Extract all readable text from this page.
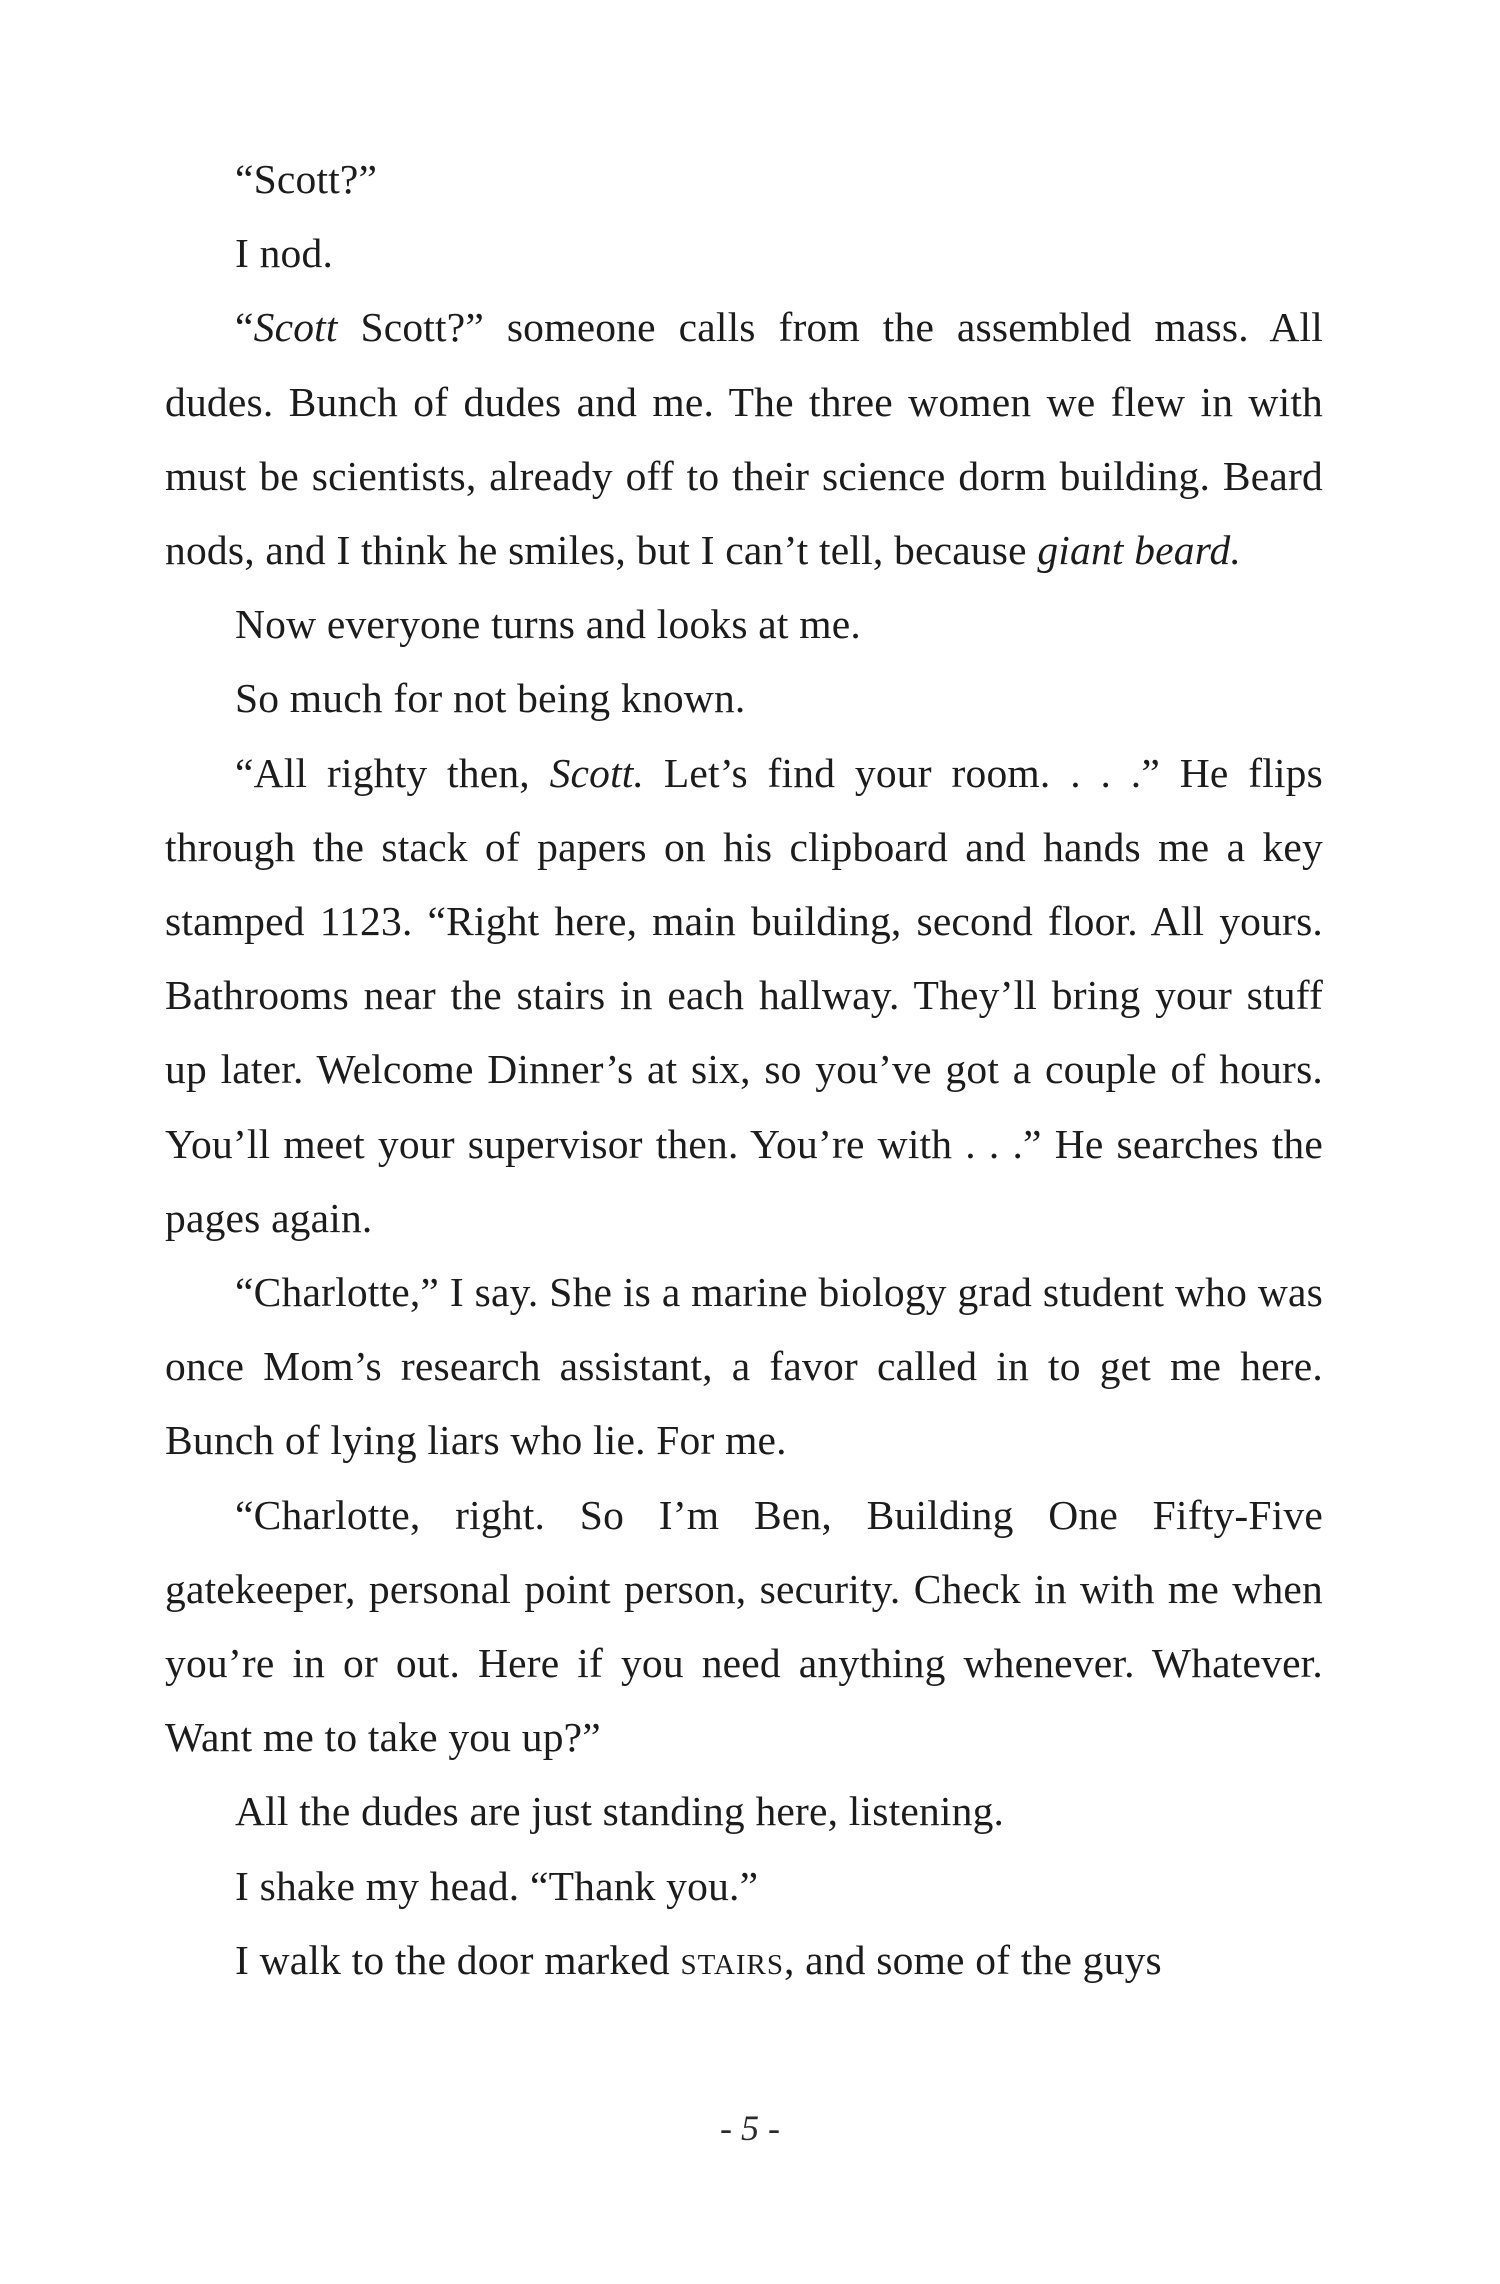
“Scott?”

I nod.

“Scott Scott?” someone calls from the assembled mass. All dudes. Bunch of dudes and me. The three women we flew in with must be scientists, already off to their science dorm building. Beard nods, and I think he smiles, but I can’t tell, because giant beard.

Now everyone turns and looks at me.

So much for not being known.

“All righty then, Scott. Let’s find your room. . . .” He flips through the stack of papers on his clipboard and hands me a key stamped 1123. “Right here, main building, second floor. All yours. Bathrooms near the stairs in each hallway. They’ll bring your stuff up later. Welcome Dinner’s at six, so you’ve got a couple of hours. You’ll meet your supervisor then. You’re with . . .” He searches the pages again.

“Charlotte,” I say. She is a marine biology grad student who was once Mom’s research assistant, a favor called in to get me here. Bunch of lying liars who lie. For me.

“Charlotte, right. So I’m Ben, Building One Fifty-Five gatekeeper, personal point person, security. Check in with me when you’re in or out. Here if you need anything whenever. Whatever. Want me to take you up?”

All the dudes are just standing here, listening.

I shake my head. “Thank you.”

I walk to the door marked stairs, and some of the guys

- 5 -
